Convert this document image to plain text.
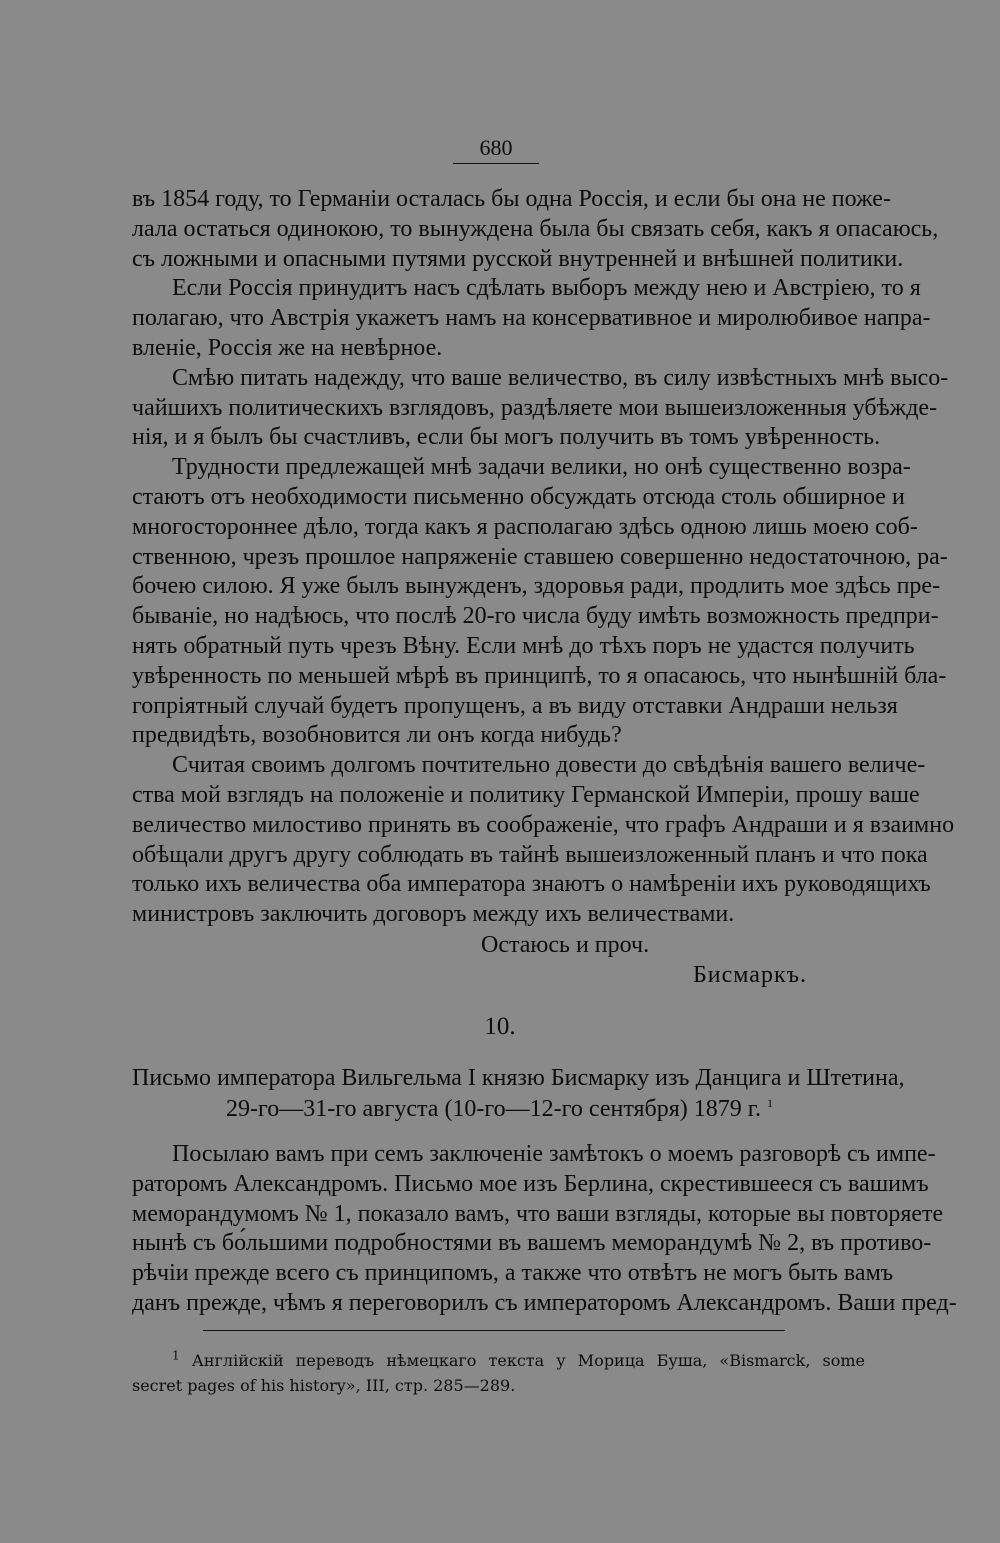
680

въ 1854 году, то Германіи осталась бы одна Россія, и если бы она не поже-
лала остаться одинокою, то вынуждена была бы связать себя, какъ я опасаюсь,
съ ложными и опасными путями русской внутренней и внѣшней политики.

Если Россія принудитъ насъ сдѣлать выборъ между нею и Австріею, то я
полагаю, что Австрія укажетъ намъ на консервативное и миролюбивое напра-
вленіе, Россія же на невѣрное.

Смѣю питать надежду, что ваше величество, въ силу извѣстныхъ мнѣ высо-
чайшихъ политическихъ взглядовъ, раздѣляете мои вышеизложенныя убѣжде-
нія, и я былъ бы счастливъ, если бы могъ получить въ томъ увѣренность.

Трудности предлежащей мнѣ задачи велики, но онѣ существенно возра-
стаютъ отъ необходимости письменно обсуждать отсюда столь обширное и
многостороннее дѣло, тогда какъ я располагаю здѣсь одною лишь моею соб-
ственною, чрезъ прошлое напряженіе ставшею совершенно недостаточною, ра-
бочею силою. Я уже былъ вынужденъ, здоровья ради, продлить мое здѣсь пре-
бываніе, но надѣюсь, что послѣ 20-го числа буду имѣть возможность предпри-
нять обратный путь чрезъ Вѣну. Если мнѣ до тѣхъ поръ не удастся получить
увѣренность по меньшей мѣрѣ въ принципѣ, то я опасаюсь, что нынѣшній бла-
гопріятный случай будетъ пропущенъ, а въ виду отставки Андраши нельзя
предвидѣть, возобновится ли онъ когда нибудь?

Считая своимъ долгомъ почтительно довести до свѣдѣнія вашего величе-
ства мой взглядъ на положеніе и политику Германской Имперіи, прошу ваше
величество милостиво принять въ соображеніе, что графъ Андраши и я взаимно
обѣщали другъ другу соблюдать въ тайнѣ вышеизложенный планъ и что пока
только ихъ величества оба императора знаютъ о намѣреніи ихъ руководящихъ
министровъ заключить договоръ между ихъ величествами.

Остаюсь и проч.
Бисмаркъ.
10.
Письмо императора Вильгельма I князю Бисмарку изъ Данцига и Штетина,
29-го—31-го августа (10-го—12-го сентября) 1879 г. $^1$

Посылаю вамъ при семъ заключеніе замѣтокъ о моемъ разговорѣ съ импе-
раторомъ Александромъ. Письмо мое изъ Берлина, скрестившееся съ вашимъ
меморандумомъ № 1, показало вамъ, что ваши взгляды, которые вы повторяете
нынѣ съ бо́льшими подробностями въ вашемъ меморандумѣ № 2, въ противо-
рѣчіи прежде всего съ принципомъ, а также что отвѣтъ не могъ быть вамъ
данъ прежде, чѣмъ я переговорилъ съ императоромъ Александромъ. Ваши пред-

$^1$ Англійскій переводъ нѣмецкаго текста у Морица Буша, «Bismarck, some
secret pages of his history», III, стр. 285—289.
